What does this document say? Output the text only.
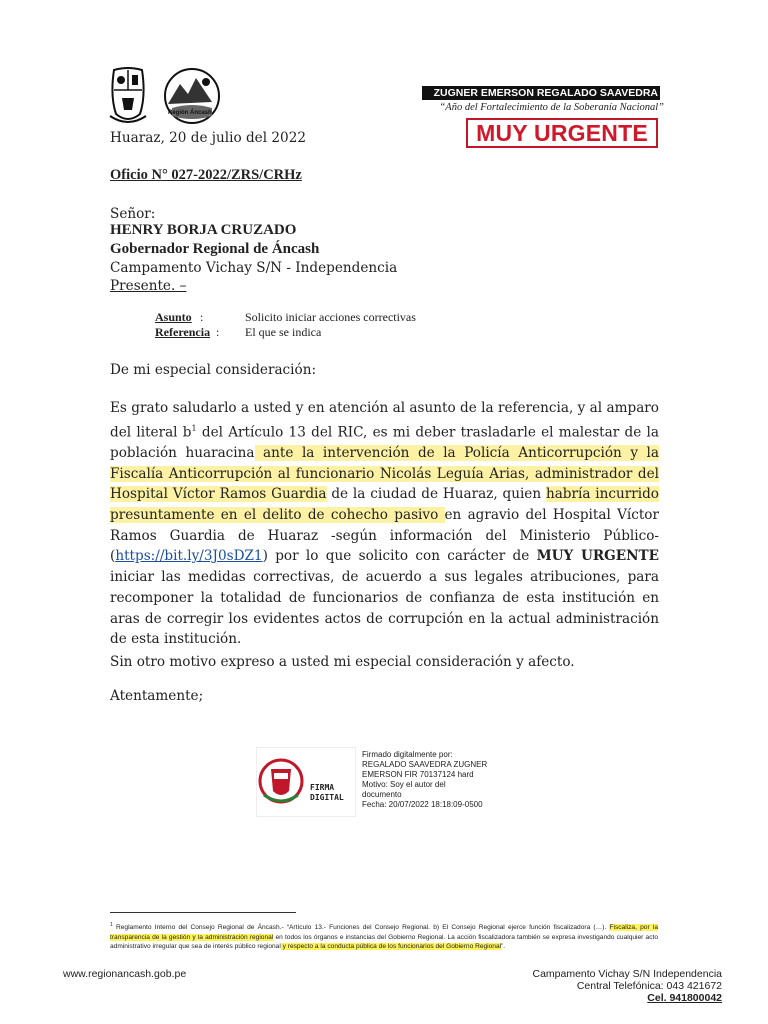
Región Áncash
ZUGNER EMERSON REGALADO SAAVEDRA
“Año del Fortalecimiento de la Soberanía Nacional”
MUY URGENTE
Huaraz, 20 de julio del 2022
Oficio N° 027-2022/ZRS/CRHz
Señor:
HENRY BORJA CRUZADO
Gobernador Regional de Áncash
Campamento Vichay S/N - Independencia
Presente. –
Asunto :	Solicito iniciar acciones correctivas
Referencia : El que se indica
De mi especial consideración:
Es grato saludarlo a usted y en atención al asunto de la referencia, y al amparo del literal $b^1$ del Artículo 13 del RIC, es mi deber trasladarle el malestar de la población huaracina ante la intervención de la Policía Anticorrupción y la Fiscalía Anticorrupción al funcionario Nicolás Leguía Arias, administrador del Hospital Víctor Ramos Guardia de la ciudad de Huaraz, quien habría incurrido presuntamente en el delito de cohecho pasivo en agravio del Hospital Víctor Ramos Guardia de Huaraz -según información del Ministerio Público- (https://bit.ly/3J0sDZ1) por lo que solicito con carácter de MUY URGENTE iniciar las medidas correctivas, de acuerdo a sus legales atribuciones, para recomponer la totalidad de funcionarios de confianza de esta institución en aras de corregir los evidentes actos de corrupción en la actual administración de esta institución.
Sin otro motivo expreso a usted mi especial consideración y afecto.
Atentamente;
FIRMA DIGITAL
Firmado digitalmente por:
REGALADO SAAVEDRA ZUGNER
EMERSON FIR 70137124 hard
Motivo: Soy el autor del
documento
Fecha: 20/07/2022 18:18:09-0500
$^1$ Reglamento Interno del Consejo Regional de Áncash.- “Artículo 13.- Funciones del Consejo Regional. b) El Consejo Regional ejerce función fiscalizadora (…). Fiscaliza, por la transparencia de la gestión y la administración regional en todos los órganos e instancias del Gobierno Regional. La acción fiscalizadora también se expresa investigando cualquier acto administrativo irregular que sea de interés público regional y respecto a la conducta pública de los funcionarios del Gobierno Regional”.
www.regionancash.gob.pe	Campamento Vichay S/N Independencia
Central Telefónica: 043 421672
Cel. 941800042
